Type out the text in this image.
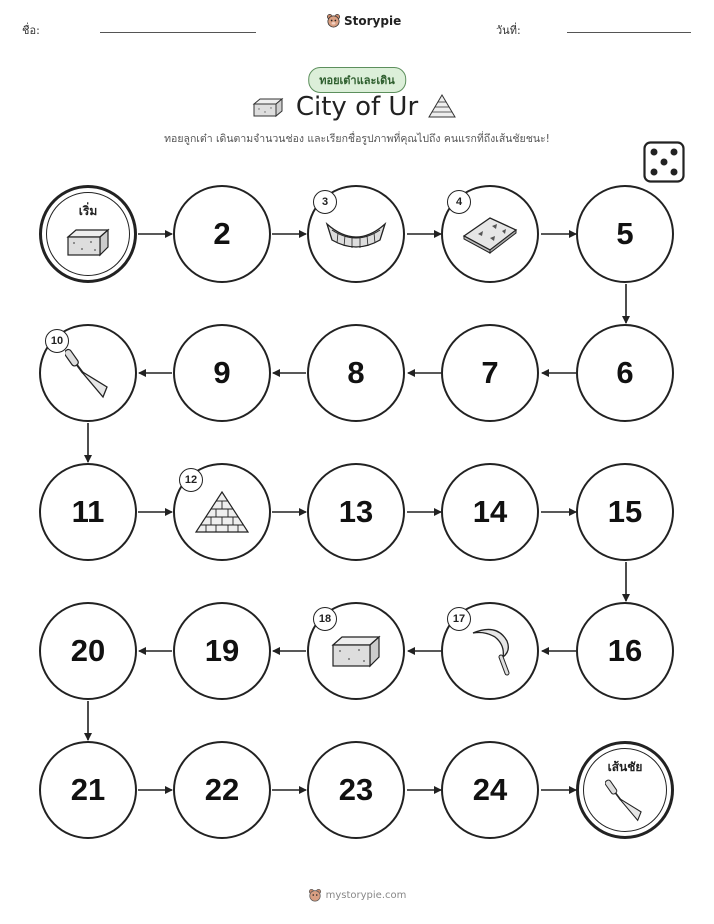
ชื่อ:
Storypie
วันที่:
ทอยเต๋าและเดิน
City of Ur
ทอยลูกเต๋า เดินตามจำนวนช่อง และเรียกชื่อรูปภาพที่คุณไปถึง คนแรกที่ถึงเส้นชัยชนะ!
เริ่ม
2
3	4
5
6
7
8
9
10
11
12
13	14	15
16
17
18
19
20
21	22	23	24
เส้นชัย
mystorypie.com
